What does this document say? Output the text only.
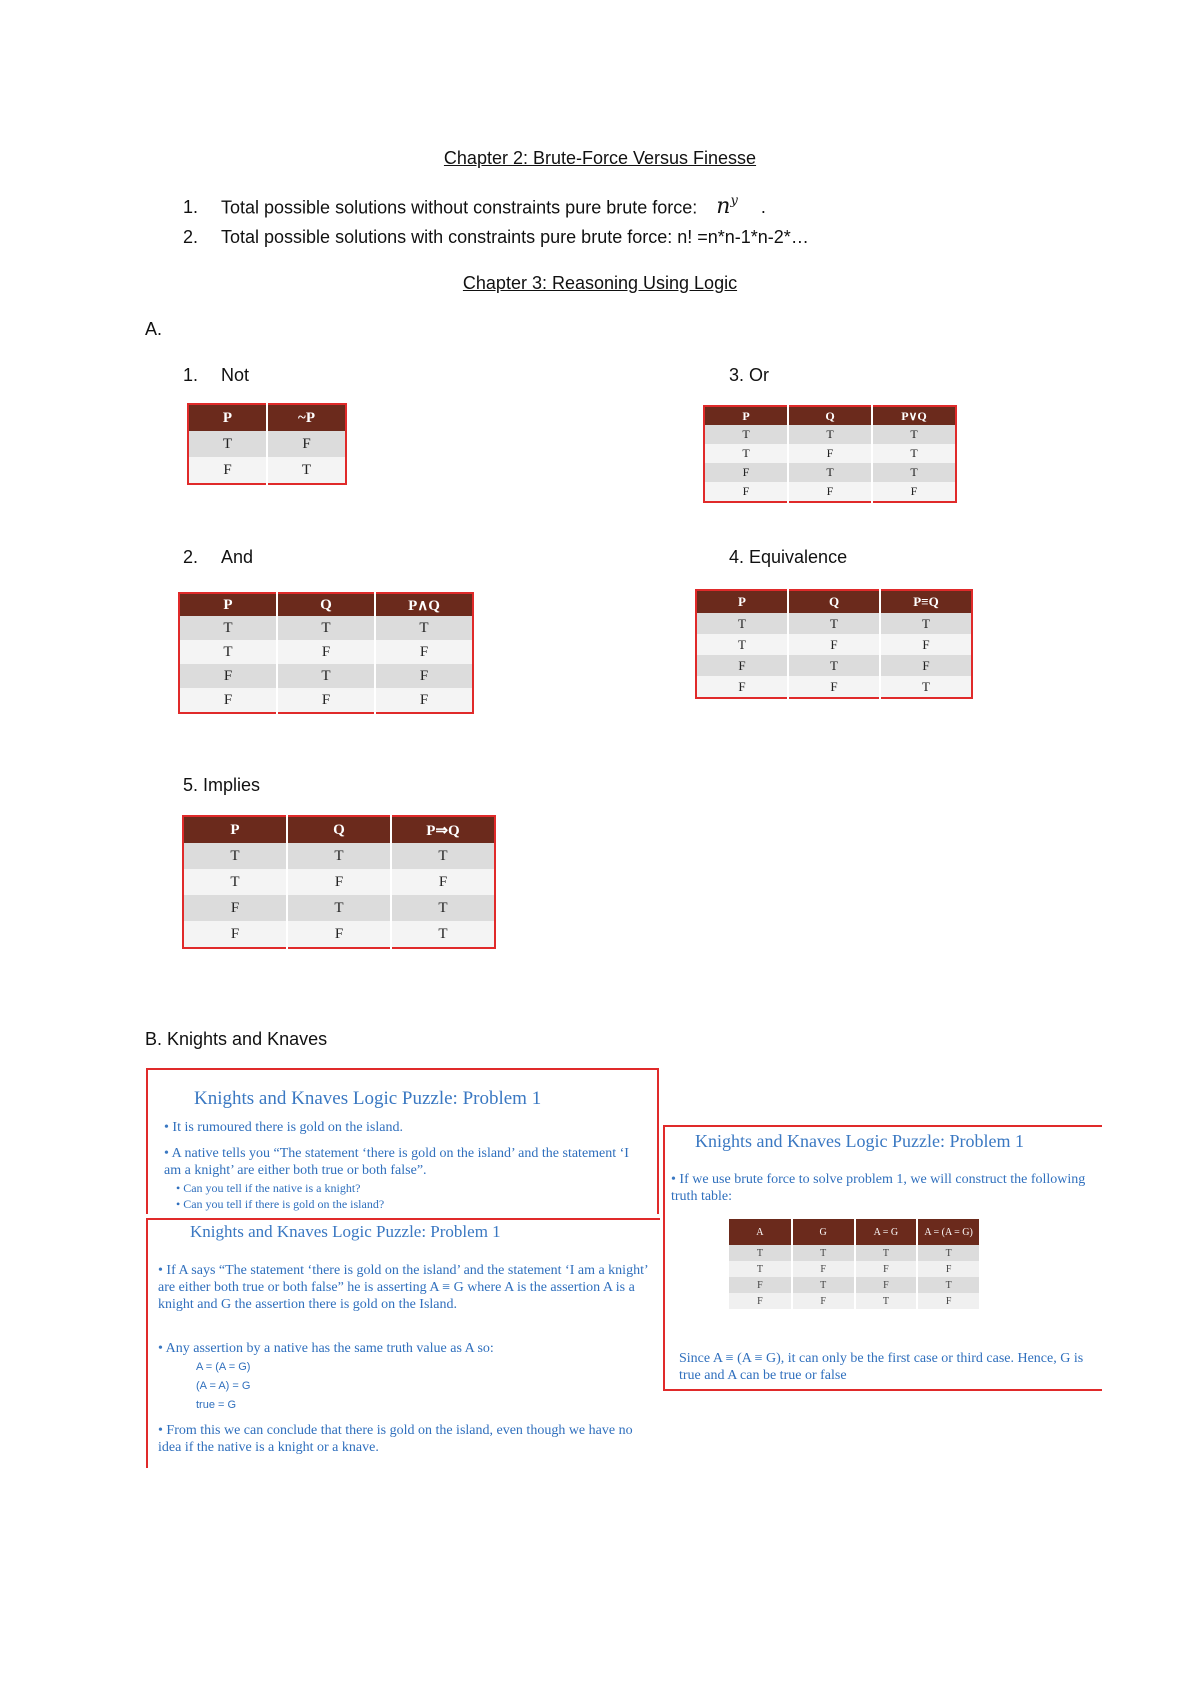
Chapter 2: Brute-Force Versus Finesse
1. Total possible solutions without constraints pure brute force: $n^y$ .
2. Total possible solutions with constraints pure brute force: n! =n*n-1*n-2*…
Chapter 3: Reasoning Using Logic
A.
1. Not
P	~P
T	F
F	T
3. Or
P	Q	P∨Q
T	T	T
T	F	T
F	T	T
F	F	F
2. And
P	Q	P∧Q
T	T	T
T	F	F
F	T	F
F	F	F
4. Equivalence
P	Q	P≡Q
T	T	T
T	F	F
F	T	F
F	F	T
5. Implies
P	Q	P⇒Q
T	T	T
T	F	F
F	T	T
F	F	T
B. Knights and Knaves
Knights and Knaves Logic Puzzle: Problem 1
• It is rumoured there is gold on the island.
• A native tells you “The statement ‘there is gold on the island’ and the statement ‘I am a knight’ are either both true or both false”.
• Can you tell if the native is a knight?
• Can you tell if there is gold on the island?
Knights and Knaves Logic Puzzle: Problem 1
• If A says “The statement ‘there is gold on the island’ and the statement ‘I am a knight’ are either both true or both false” he is asserting A ≡ G where A is the assertion A is a knight and G the assertion there is gold on the Island.
• Any assertion by a native has the same truth value as A so:
A = (A = G)
(A = A) = G
true = G
• From this we can conclude that there is gold on the island, even though we have no idea if the native is a knight or a knave.
Knights and Knaves Logic Puzzle: Problem 1
• If we use brute force to solve problem 1, we will construct the following truth table:
A	G	A = G	A = (A = G)
T	T	T	T
T	F	F	F
F	T	F	T
F	F	T	F
Since A ≡ (A ≡ G), it can only be the first case or third case. Hence, G is true and A can be true or false
